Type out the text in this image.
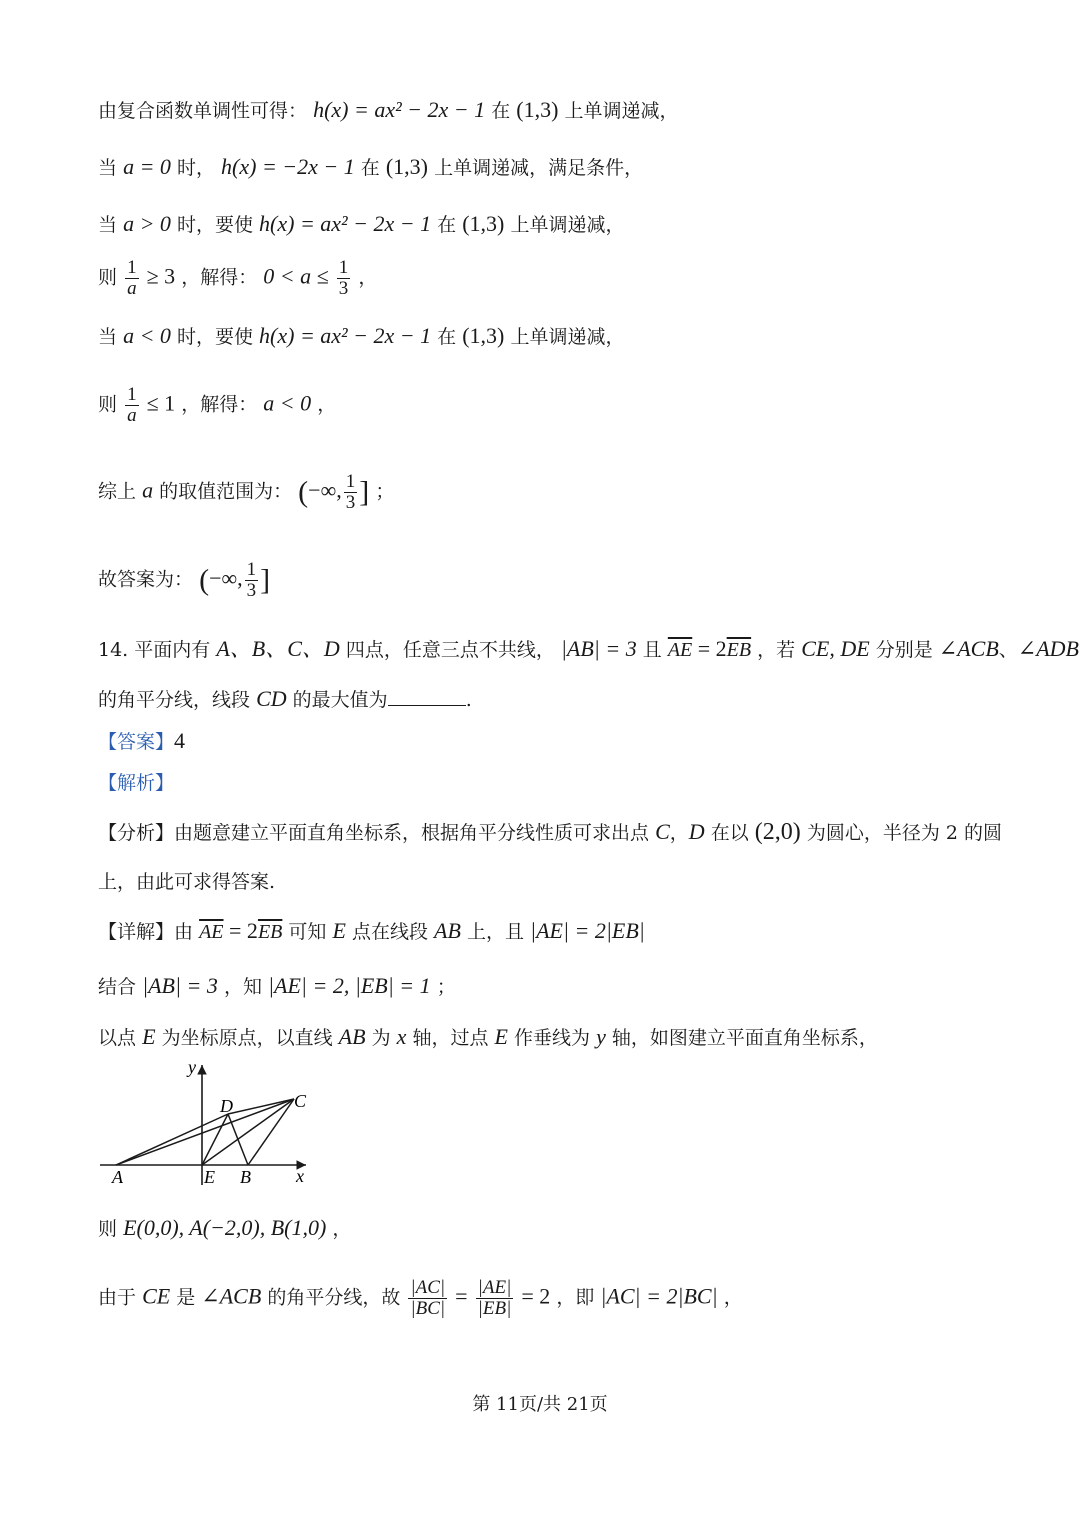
由复合函数单调性可得： h(x) = ax² − 2x − 1 在 (1,3) 上单调递减，
当 a = 0 时， h(x) = −2x − 1 在 (1,3) 上单调递减，满足条件，
当 a > 0 时，要使 h(x) = ax² − 2x − 1 在 (1,3) 上单调递减，
则 $\frac{1}{a} \ge 3$ ，解得： $0 < a \le \frac{1}{3}$ ，
当 a < 0 时，要使 h(x) = ax² − 2x − 1 在 (1,3) 上单调递减，
则 $\frac{1}{a} \le 1$ ，解得： a < 0 ，
综上 a 的取值范围为： (−∞, $\frac{1}{3}$ ] ；
故答案为： (−∞, $\frac{1}{3}$ ]
14. 平面内有 A、B、C、D 四点，任意三点不共线， |AB| = 3 且 $\overline{AE} = 2\overline{EB}$ ，若 CE, DE 分别是 ∠ACB、∠ADB
的角平分线，线段 CD 的最大值为	.
【答案】4
【解析】
【分析】由题意建立平面直角坐标系，根据角平分线性质可求出点 C，D 在以 (2,0) 为圆心，半径为 2 的圆
上，由此可求得答案.
【详解】由 $\overline{AE} = 2\overline{EB}$ 可知 E 点在线段 AB 上，且 |AE| = 2|EB|
结合 |AB| = 3 ，知 |AE| = 2, |EB| = 1 ；
以点 E 为坐标原点，以直线 AB 为 x 轴，过点 E 作垂线为 y 轴，如图建立平面直角坐标系，
y
x
A	E B
C
D
则 E(0,0), A(−2,0), B(1,0) ，
由于 CE 是 ∠ACB 的角平分线，故 $\frac{|AC|}{|BC|} = \frac{|AE|}{|EB|} = 2$ ，即 |AC| = 2|BC| ，
第 11页/共 21页
